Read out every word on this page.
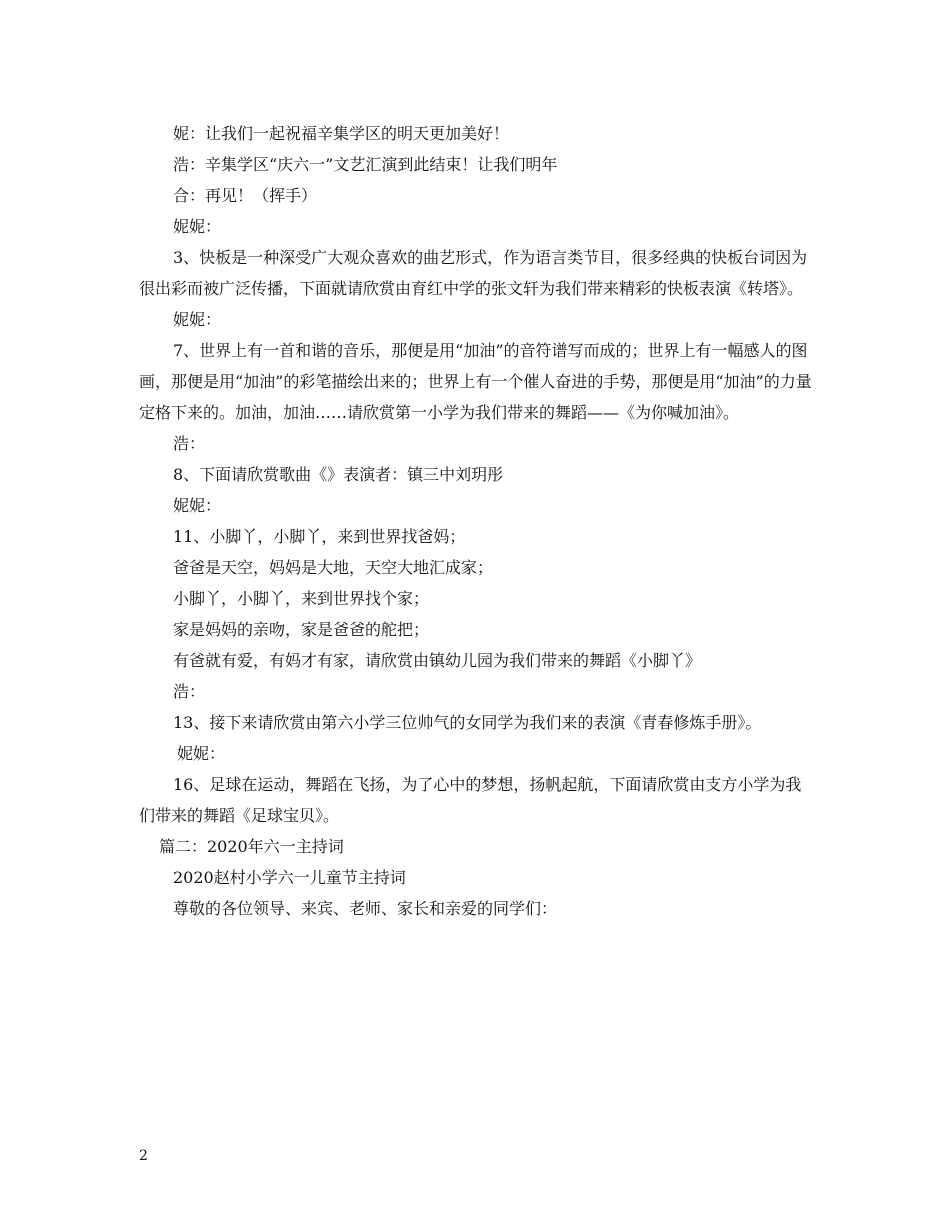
妮：让我们一起祝福辛集学区的明天更加美好！

浩：辛集学区“庆六一”文艺汇演到此结束！让我们明年

合：再见！（挥手）

妮妮：

3、快板是一种深受广大观众喜欢的曲艺形式，作为语言类节目，很多经典的快板台词因为很出彩而被广泛传播，下面就请欣赏由育红中学的张文轩为我们带来精彩的快板表演《转塔》。

妮妮：

7、世界上有一首和谐的音乐，那便是用“加油”的音符谱写而成的；世界上有一幅感人的图画，那便是用“加油”的彩笔描绘出来的；世界上有一个催人奋进的手势，那便是用“加油”的力量定格下来的。加油，加油……请欣赏第一小学为我们带来的舞蹈——《为你喊加油》。

浩：

8、下面请欣赏歌曲《》表演者：镇三中刘玥彤

妮妮：

11、小脚丫，小脚丫，来到世界找爸妈；

爸爸是天空，妈妈是大地，天空大地汇成家；

小脚丫，小脚丫，来到世界找个家；

家是妈妈的亲吻，家是爸爸的舵把；

有爸就有爱，有妈才有家，请欣赏由镇幼儿园为我们带来的舞蹈《小脚丫》

浩：

13、接下来请欣赏由第六小学三位帅气的女同学为我们来的表演《青春修炼手册》。

妮妮：

16、足球在运动，舞蹈在飞扬，为了心中的梦想，扬帆起航，下面请欣赏由支方小学为我们带来的舞蹈《足球宝贝》。

篇二：2020年六一主持词

2020赵村小学六一儿童节主持词

尊敬的各位领导、来宾、老师、家长和亲爱的同学们：

2
